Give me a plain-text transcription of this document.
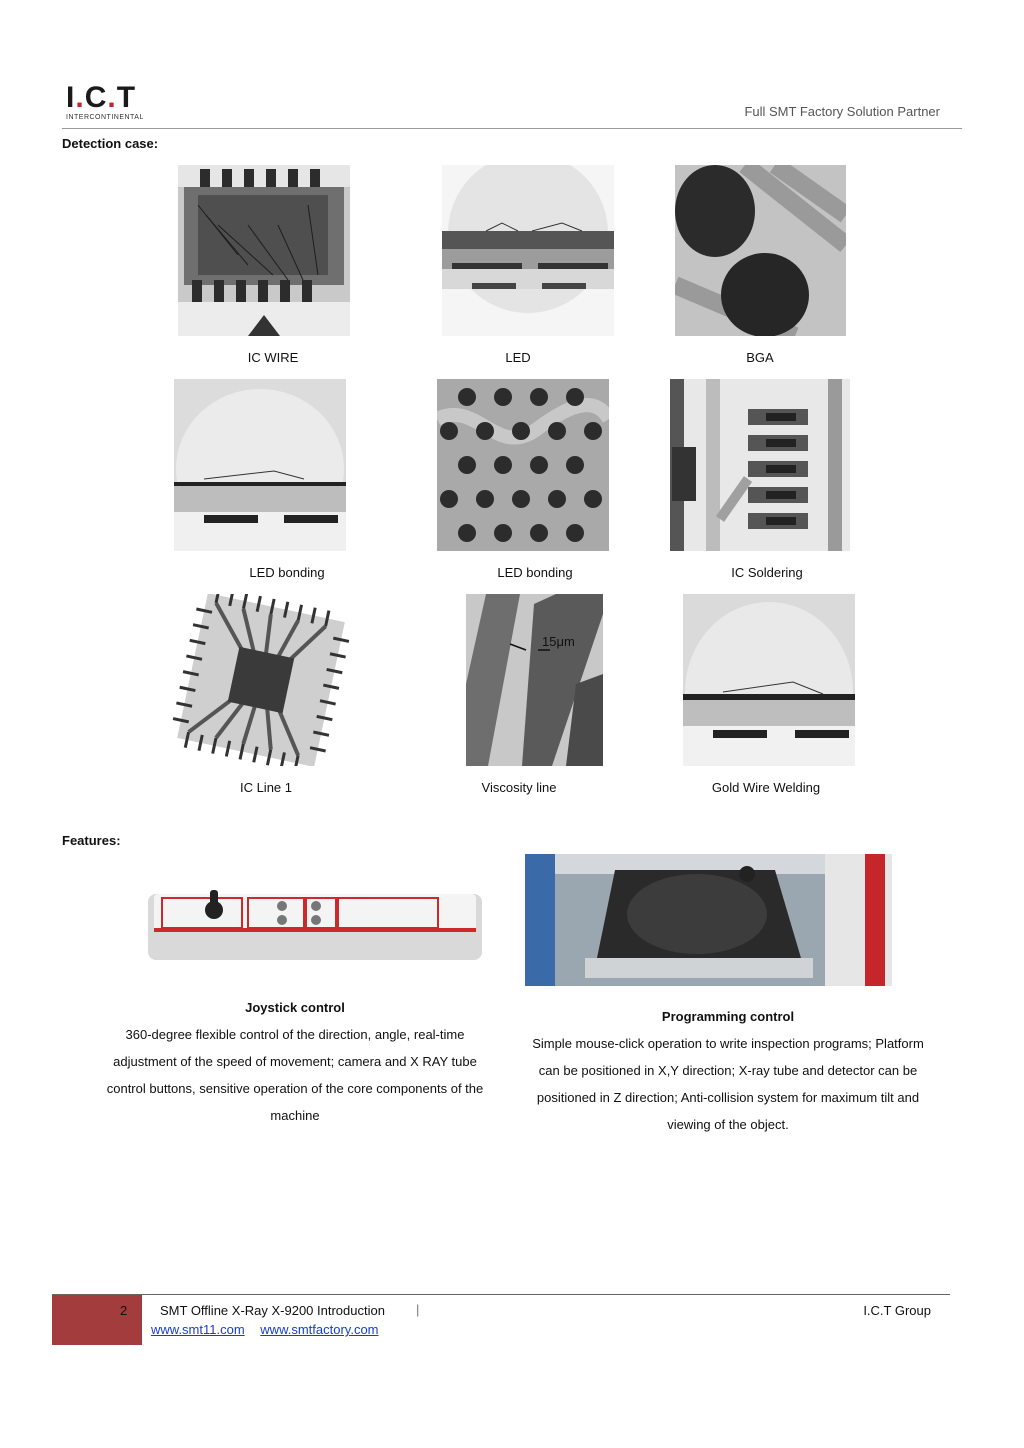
I.C.T
INTERCONTINENTAL	Full SMT Factory Solution Partner
Detection case:
IC WIRE	LED	BGA
LED bonding	LED bonding	IC Soldering
IC Line 1
15μm
Viscosity line	Gold Wire Welding
Features:
Joystick control
360-degree flexible control of the direction, angle, real-time adjustment of the speed of movement; camera and X RAY tube control buttons, sensitive operation of the core components of the machine
Programming control
Simple mouse-click operation to write inspection programs; Platform can be positioned in X,Y direction; X-ray tube and detector can be positioned in Z direction; Anti-collision system for maximum tilt and viewing of the object.
2	SMT Offline X-Ray X-9200 Introduction |	I.C.T Group
www.smt11.com www.smtfactory.com
